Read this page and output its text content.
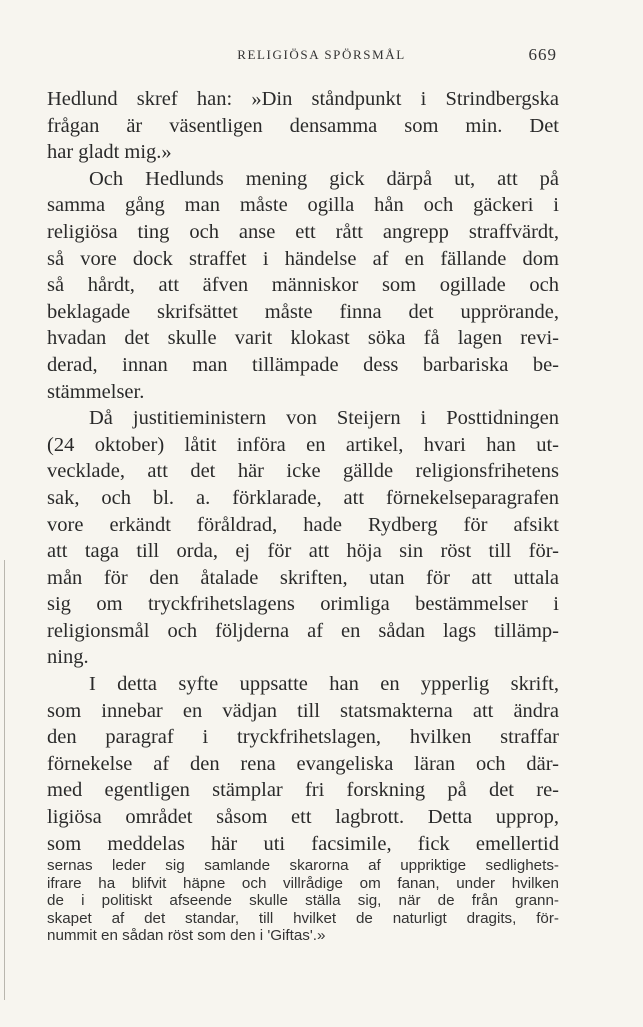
RELIGIÖSA SPÖRSMÅL	669
Hedlund skref han: »Din ståndpunkt i Strindbergska
frågan är väsentligen densamma som min. Det
har gladt mig.»
Och Hedlunds mening gick därpå ut, att på
samma gång man måste ogilla hån och gäckeri i
religiösa ting och anse ett rått angrepp straffvärdt,
så vore dock straffet i händelse af en fällande dom
så hårdt, att äfven människor som ogillade och
beklagade skrifsättet måste finna det upprörande,
hvadan det skulle varit klokast söka få lagen revi-
derad, innan man tillämpade dess barbariska be-
stämmelser.
Då justitieministern von Steijern i Posttidningen
(24 oktober) låtit införa en artikel, hvari han ut-
vecklade, att det här icke gällde religionsfrihetens
sak, och bl. a. förklarade, att förnekelseparagrafen
vore erkändt föråldrad, hade Rydberg för afsikt
att taga till orda, ej för att höja sin röst till för-
mån för den åtalade skriften, utan för att uttala
sig om tryckfrihetslagens orimliga bestämmelser i
religionsmål och följderna af en sådan lags tillämp-
ning.
I detta syfte uppsatte han en ypperlig skrift,
som innebar en vädjan till statsmakterna att ändra
den paragraf i tryckfrihetslagen, hvilken straffar
förnekelse af den rena evangeliska läran och där-
med egentligen stämplar fri forskning på det re-
ligiösa området såsom ett lagbrott. Detta upprop,
som meddelas här uti facsimile, fick emellertid
sernas leder sig samlande skarorna af uppriktige sedlighets-
ifrare ha blifvit häpne och villrådige om fanan, under hvilken
de i politiskt afseende skulle ställa sig, när de från grann-
skapet af det standar, till hvilket de naturligt dragits, för-
nummit en sådan röst som den i 'Giftas'.»
